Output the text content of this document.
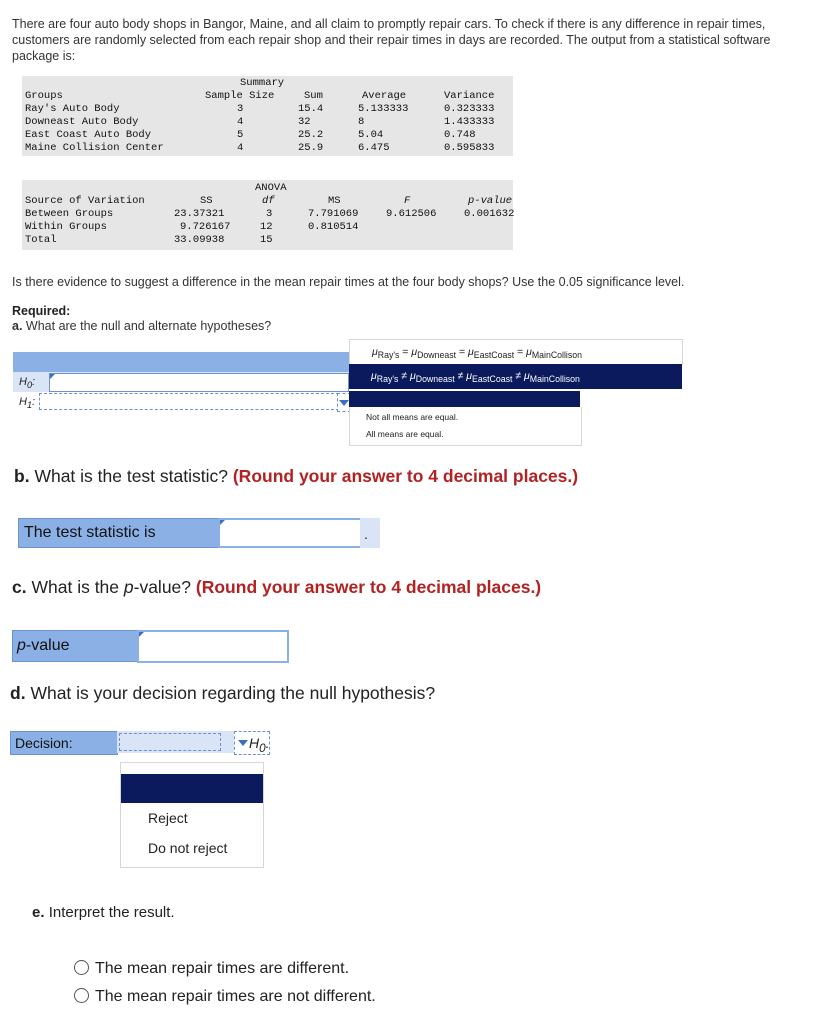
There are four auto body shops in Bangor, Maine, and all claim to promptly repair cars. To check if there is any difference in repair times, customers are randomly selected from each repair shop and their repair times in days are recorded. The output from a statistical software package is:
Summary
Groups	Sample Size	Sum	Average	Variance
Ray's Auto Body	3	15.4	5.133333	0.323333
Downeast Auto Body	4	32	8	1.433333
East Coast Auto Body	5	25.2	5.04	0.748
Maine Collision Center	4	25.9	6.475	0.595833
ANOVA
Source of Variation	SS	df	MS	F	p-value
Between Groups	23.37321	3	7.791069	9.612506	0.001632
Within Groups	9.726167	12	0.810514
Total	33.09938	15
Is there evidence to suggest a difference in the mean repair times at the four body shops? Use the 0.05 significance level.
Required:
a. What are the null and alternate hypotheses?
$\mu_{Ray's} = \mu_{Downeast} = \mu_{EastCoast} = \mu_{MainCollison}$
$H_0$:	$\mu_{Ray's} \ne \mu_{Downeast} \ne \mu_{EastCoast} \ne \mu_{MainCollison}$
$H_1$:
Not all means are equal.
All means are equal.
b. What is the test statistic? (Round your answer to 4 decimal places.)
The test statistic is	.
c. What is the p-value? (Round your answer to 4 decimal places.)
p-value
d. What is your decision regarding the null hypothesis?
Decision:	$H_0$.
Reject
Do not reject
e. Interpret the result.
The mean repair times are different.
The mean repair times are not different.
